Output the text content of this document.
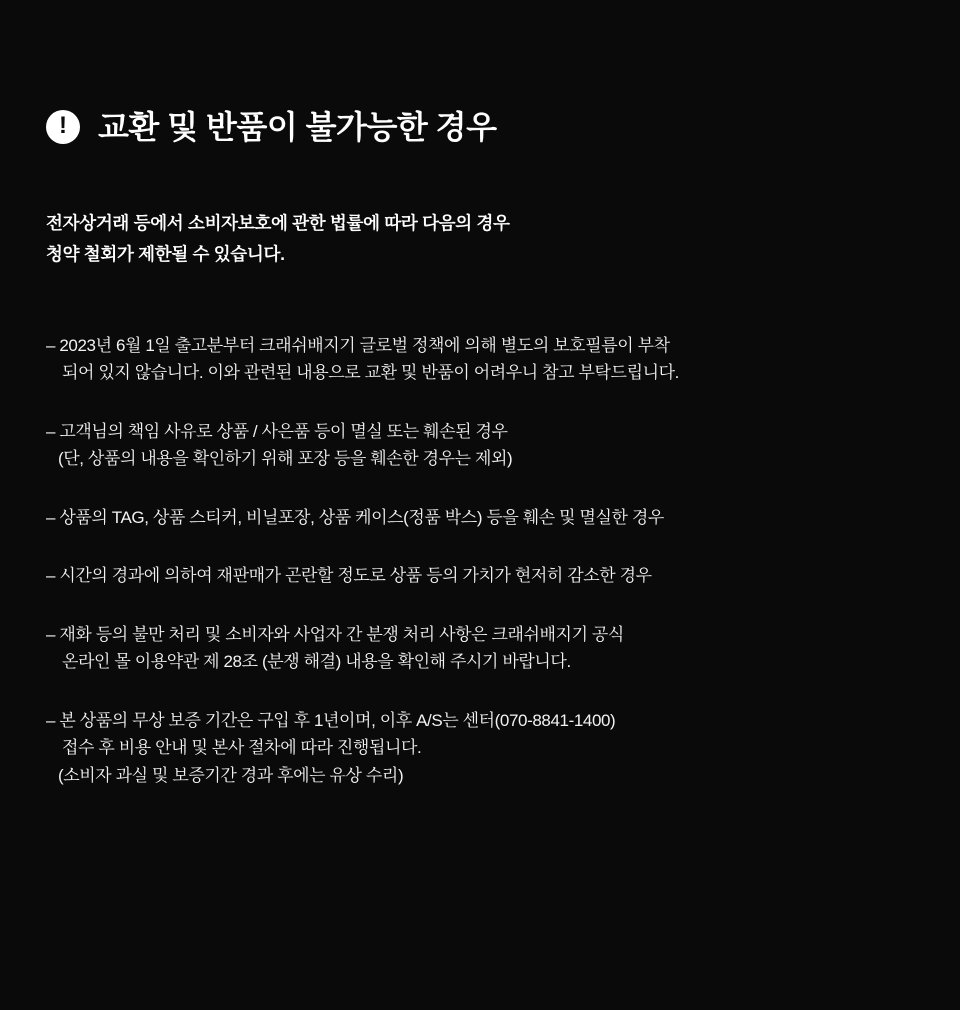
! 교환 및 반품이 불가능한 경우
전자상거래 등에서 소비자보호에 관한 법률에 따라 다음의 경우
청약 철회가 제한될 수 있습니다.
– 2023년 6월 1일 출고분부터 크래쉬배지기 글로벌 정책에 의해 별도의 보호필름이 부착
되어 있지 않습니다. 이와 관련된 내용으로 교환 및 반품이 어려우니 참고 부탁드립니다.
– 고객님의 책임 사유로 상품 / 사은품 등이 멸실 또는 훼손된 경우
(단, 상품의 내용을 확인하기 위해 포장 등을 훼손한 경우는 제외)
– 상품의 TAG, 상품 스티커, 비닐포장, 상품 케이스(정품 박스) 등을 훼손 및 멸실한 경우
– 시간의 경과에 의하여 재판매가 곤란할 정도로 상품 등의 가치가 현저히 감소한 경우
– 재화 등의 불만 처리 및 소비자와 사업자 간 분쟁 처리 사항은 크래쉬배지기 공식
온라인 몰 이용약관 제 28조 (분쟁 해결) 내용을 확인해 주시기 바랍니다.
– 본 상품의 무상 보증 기간은 구입 후 1년이며, 이후 A/S는 센터(070-8841-1400)
접수 후 비용 안내 및 본사 절차에 따라 진행됩니다.
(소비자 과실 및 보증기간 경과 후에는 유상 수리)
